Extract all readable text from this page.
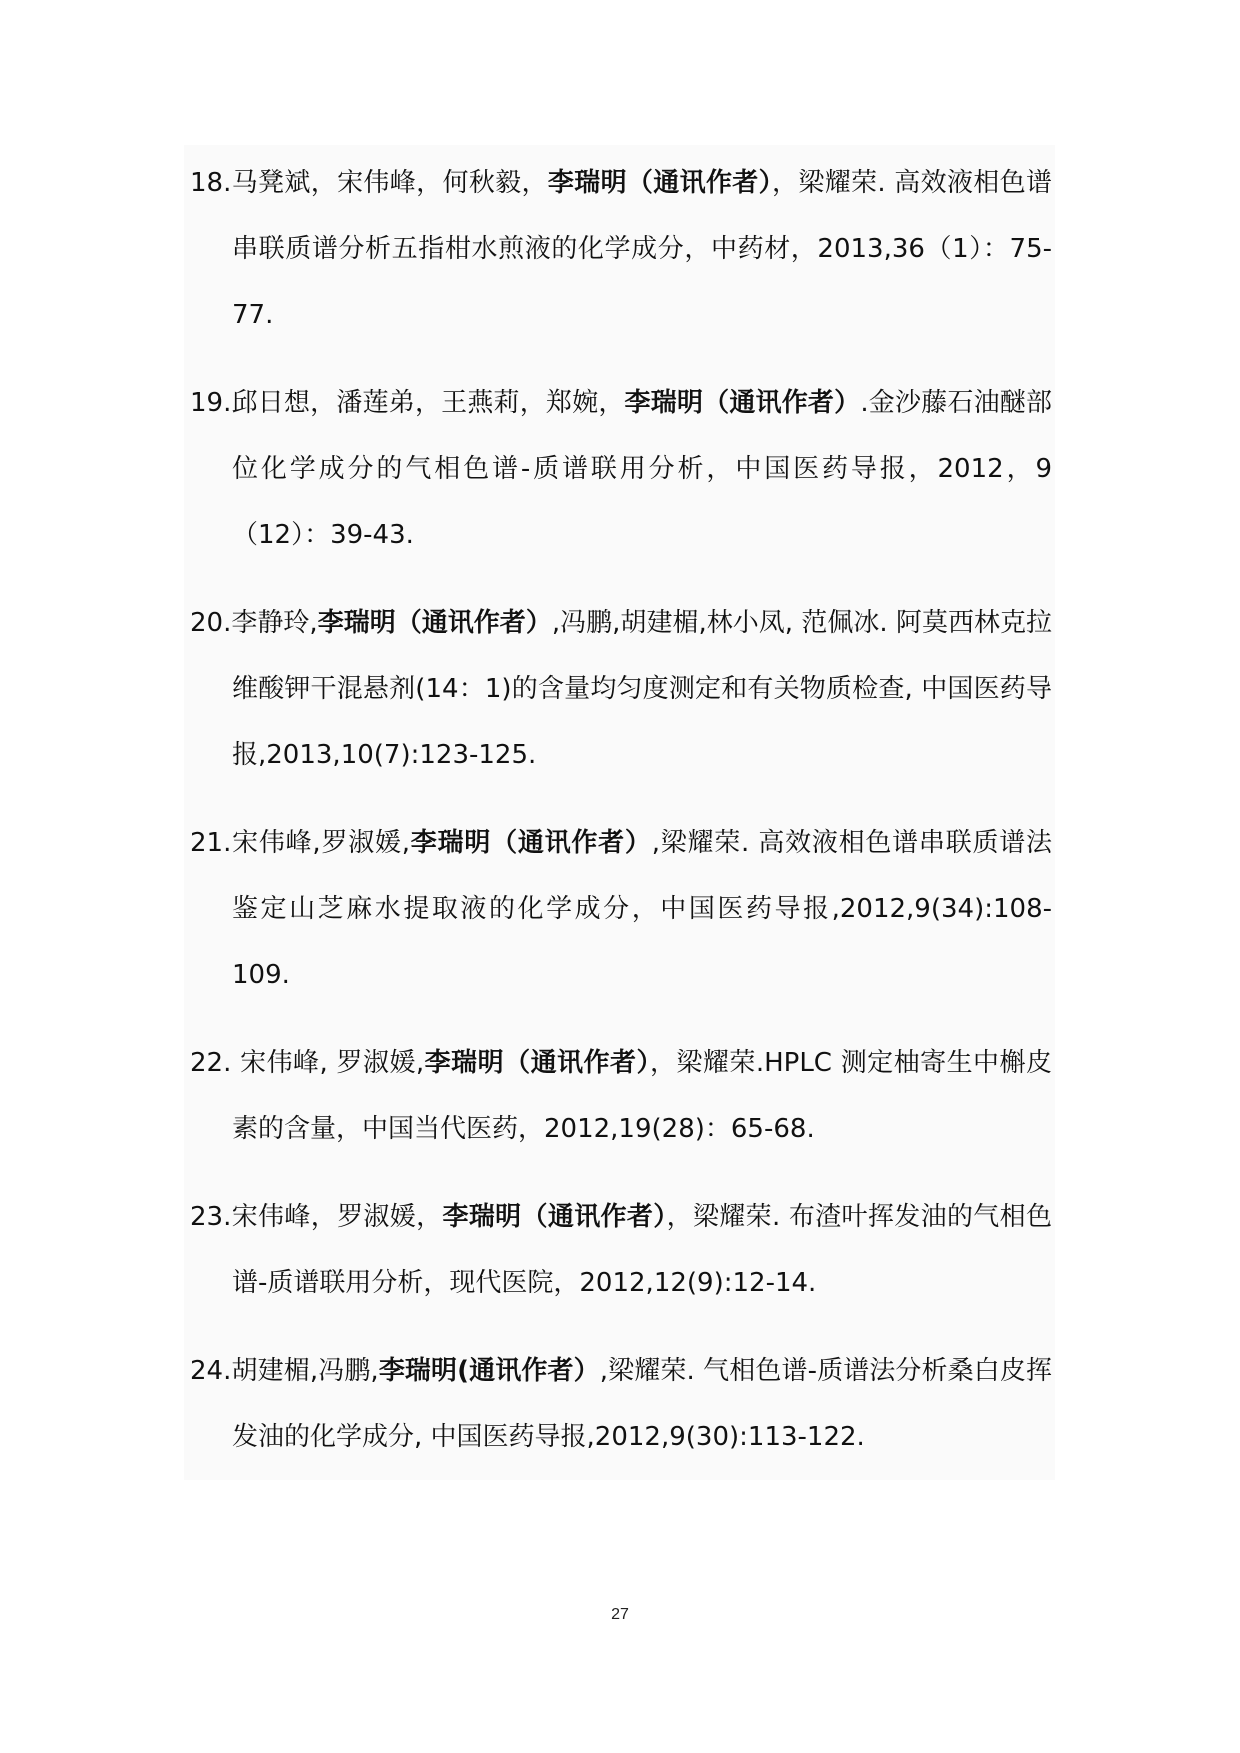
18.马凳斌，宋伟峰，何秋毅，李瑞明（通讯作者），梁耀荣. 高效液相色谱串联质谱分析五指柑水煎液的化学成分，中药材，2013,36（1）：75-77.
19.邱日想，潘莲弟，王燕莉，郑婉，李瑞明（通讯作者）.金沙藤石油醚部位化学成分的气相色谱-质谱联用分析，中国医药导报，2012，9（12）：39-43.
20.李静玲,李瑞明（通讯作者）,冯鹏,胡建楣,林小凤, 范佩冰. 阿莫西林克拉维酸钾干混悬剂(14：1)的含量均匀度测定和有关物质检查, 中国医药导报,2013,10(7):123-125.
21.宋伟峰,罗淑媛,李瑞明（通讯作者）,梁耀荣. 高效液相色谱串联质谱法鉴定山芝麻水提取液的化学成分，中国医药导报,2012,9(34):108-109.
22. 宋伟峰, 罗淑媛,李瑞明（通讯作者），梁耀荣.HPLC 测定柚寄生中槲皮素的含量，中国当代医药，2012,19(28)：65-68.
23.宋伟峰，罗淑媛，李瑞明（通讯作者），梁耀荣. 布渣叶挥发油的气相色谱-质谱联用分析，现代医院，2012,12(9):12-14.
24.胡建楣,冯鹏,李瑞明(通讯作者）,梁耀荣. 气相色谱-质谱法分析桑白皮挥发油的化学成分, 中国医药导报,2012,9(30):113-122.
27
